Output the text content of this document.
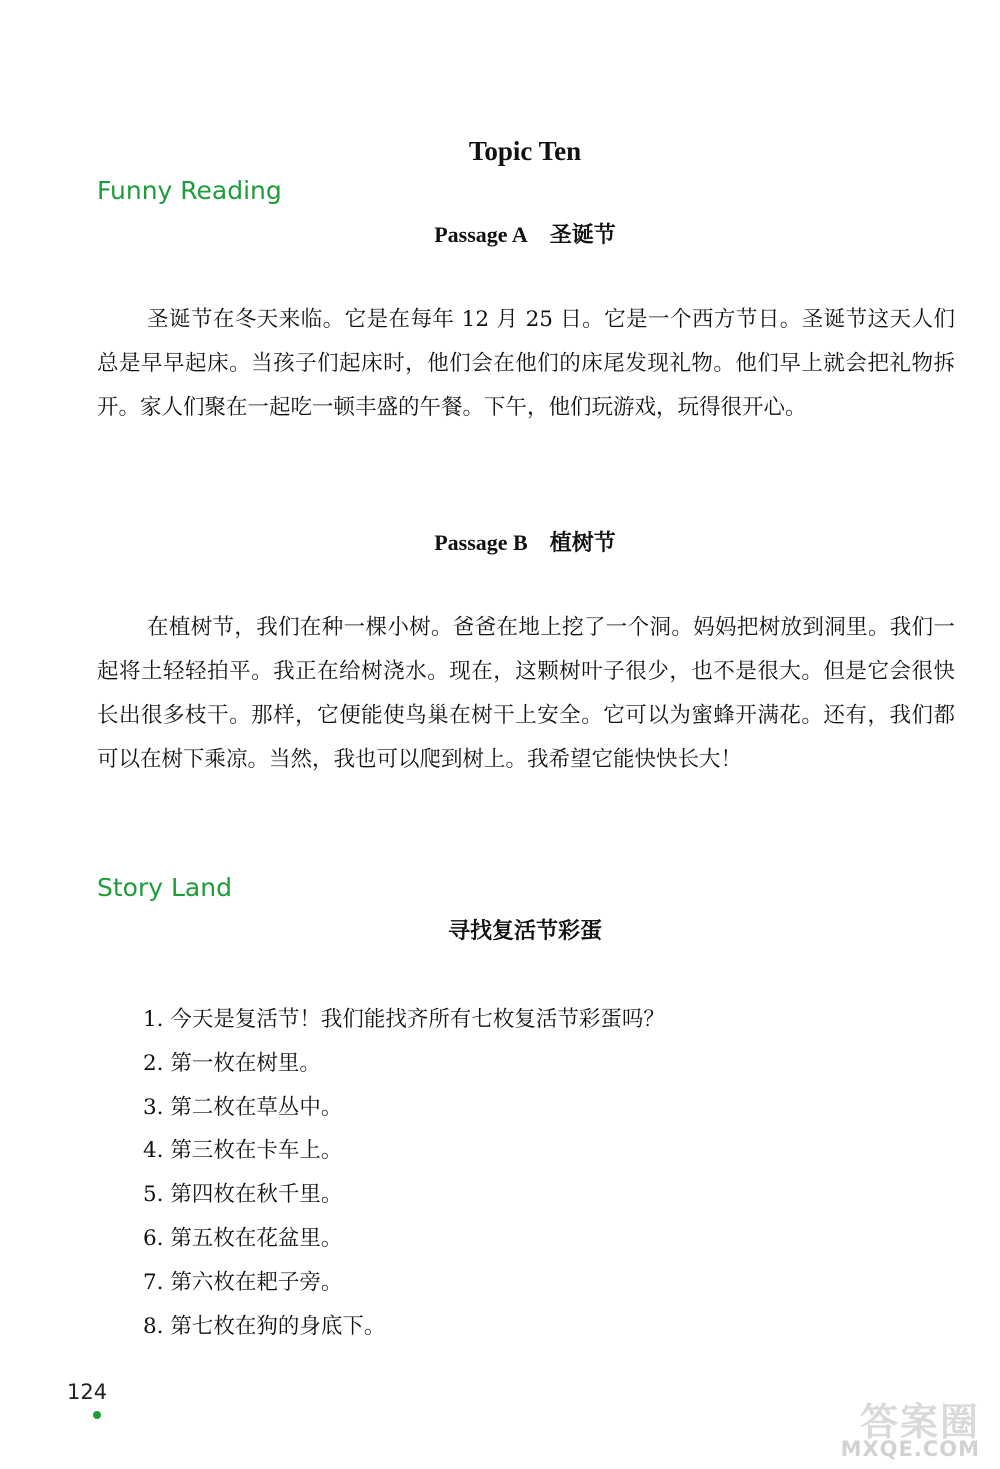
Topic Ten
Funny Reading
Passage A 圣诞节

圣诞节在冬天来临。它是在每年 12 月 25 日。它是一个西方节日。圣诞节这天人们总是早早起床。当孩子们起床时，他们会在他们的床尾发现礼物。他们早上就会把礼物拆开。家人们聚在一起吃一顿丰盛的午餐。下午，他们玩游戏，玩得很开心。

Passage B 植树节

在植树节，我们在种一棵小树。爸爸在地上挖了一个洞。妈妈把树放到洞里。我们一起将土轻轻拍平。我正在给树浇水。现在，这颗树叶子很少，也不是很大。但是它会很快长出很多枝干。那样，它便能使鸟巢在树干上安全。它可以为蜜蜂开满花。还有，我们都可以在树下乘凉。当然，我也可以爬到树上。我希望它能快快长大！

Story Land
寻找复活节彩蛋
1. 今天是复活节！我们能找齐所有七枚复活节彩蛋吗？
2. 第一枚在树里。
3. 第二枚在草丛中。
4. 第三枚在卡车上。
5. 第四枚在秋千里。
6. 第五枚在花盆里。
7. 第六枚在耙子旁。
8. 第七枚在狗的身底下。
124
答案圈
MXQE.COM
